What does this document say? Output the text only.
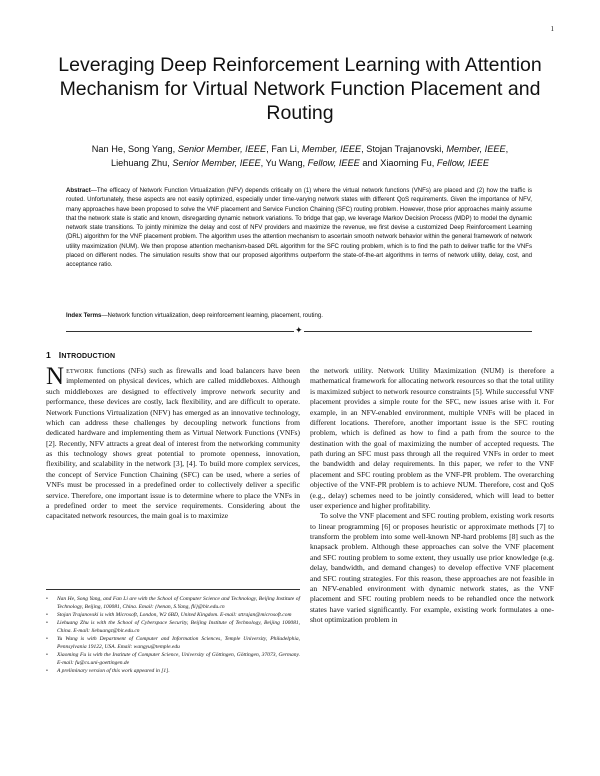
1
Leveraging Deep Reinforcement Learning with Attention Mechanism for Virtual Network Function Placement and Routing
Nan He, Song Yang, Senior Member, IEEE, Fan Li, Member, IEEE, Stojan Trajanovski, Member, IEEE,
Liehuang Zhu, Senior Member, IEEE, Yu Wang, Fellow, IEEE and Xiaoming Fu, Fellow, IEEE
Abstract—The efficacy of Network Function Virtualization (NFV) depends critically on (1) where the virtual network functions (VNFs) are placed and (2) how the traffic is routed. Unfortunately, these aspects are not easily optimized, especially under time-varying network states with different QoS requirements. Given the importance of NFV, many approaches have been proposed to solve the VNF placement and Service Function Chaining (SFC) routing problem. However, those prior approaches mainly assume that the network state is static and known, disregarding dynamic network variations. To bridge that gap, we leverage Markov Decision Process (MDP) to model the dynamic network state transitions. To jointly minimize the delay and cost of NFV providers and maximize the revenue, we first devise a customized Deep Reinforcement Learning (DRL) algorithm for the VNF placement problem. The algorithm uses the attention mechanism to ascertain smooth network behavior within the general framework of network utility maximization (NUM). We then propose attention mechanism-based DRL algorithm for the SFC routing problem, which is to find the path to deliver traffic for the VNFs placed on different nodes. The simulation results show that our proposed algorithms outperform the state-of-the-art algorithms in terms of network utility, delay, cost, and acceptance ratio.
Index Terms—Network function virtualization, deep reinforcement learning, placement, routing.
✦
1 INTRODUCTION

NETWORK functions (NFs) such as firewalls and load balancers have been implemented on physical devices, which are called middleboxes. Although such middleboxes are designed to effectively improve network security and performance, these devices are costly, lack flexibility, and are difficult to operate. Network Functions Virtualization (NFV) has emerged as an innovative technology, which can address these challenges by decoupling network functions from dedicated hardware and implementing them as Virtual Network Functions (VNFs) [2]. Recently, NFV attracts a great deal of interest from the networking community as this technology shows great potential to promote openness, innovation, flexibility, and scalability in the network [3], [4]. To build more complex services, the concept of Service Function Chaining (SFC) can be used, where a series of VNFs must be processed in a predefined order to collectively deliver a specific service. Therefore, one important issue is to determine where to place the VNFs in a predefined order to meet the service requirements. Considering about the capacitated network resources, the main goal is to maximize

the network utility. Network Utility Maximization (NUM) is therefore a mathematical framework for allocating network resources so that the total utility is maximized subject to network resource constraints [5]. While successful VNF placement provides a simple route for the SFC, new issues arise with it. For example, in an NFV-enabled environment, multiple VNFs will be placed in different locations. Therefore, another important issue is the SFC routing problem, which is defined as how to find a path from the source to the destination with the goal of maximizing the number of accepted requests. The path during an SFC must pass through all the required VNFs in order to meet the bandwidth and delay requirements. In this paper, we refer to the VNF placement and SFC routing problem as the VNF-PR problem. The overarching objective of the VNF-PR problem is to achieve NUM. Therefore, cost and QoS (e.g., delay) schemes need to be jointly considered, which will lead to better user experience and higher profitability.

To solve the VNF placement and SFC routing problem, existing work resorts to linear programming [6] or proposes heuristic or approximate methods [7] to transform the problem into some well-known NP-hard problems [8] such as the knapsack problem. Although these approaches can solve the VNF placement and SFC routing problem to some extent, they usually use prior knowledge (e.g. delay, bandwidth, and demand changes) to develop effective VNF placement and SFC routing strategies. For this reason, these approaches are not feasible in an NFV-enabled environment with dynamic network states, as the VNF placement and SFC routing problem needs to be rehandled once the network states have varied significantly. For example, existing work formulates a one-shot optimization problem in

• Nan He, Song Yang, and Fan Li are with the School of Computer Science and Technology, Beijing Institute of Technology, Beijing, 100081, China. Email: {henan, S.Yang, fli}@bit.edu.cn
• Stojan Trajanovski is with Microsoft, London, W2 6BD, United Kingdom. E-mail: sttrajan@microsoft.com
• Liehuang Zhu is with the School of Cyberspace Security, Beijing Institute of Technology, Beijing 100081, China. E-mail: liehuangz@bit.edu.cn
• Yu Wang is with Department of Computer and Information Sciences, Temple University, Philadelphia, Pennsylvania 19122, USA. Email: wangyu@temple.edu
• Xiaoming Fu is with the Institute of Computer Science, University of Göttingen, Göttingen, 37073, Germany. E-mail: fu@cs.uni-goettingen.de
• A preliminary version of this work appeared in [1].
